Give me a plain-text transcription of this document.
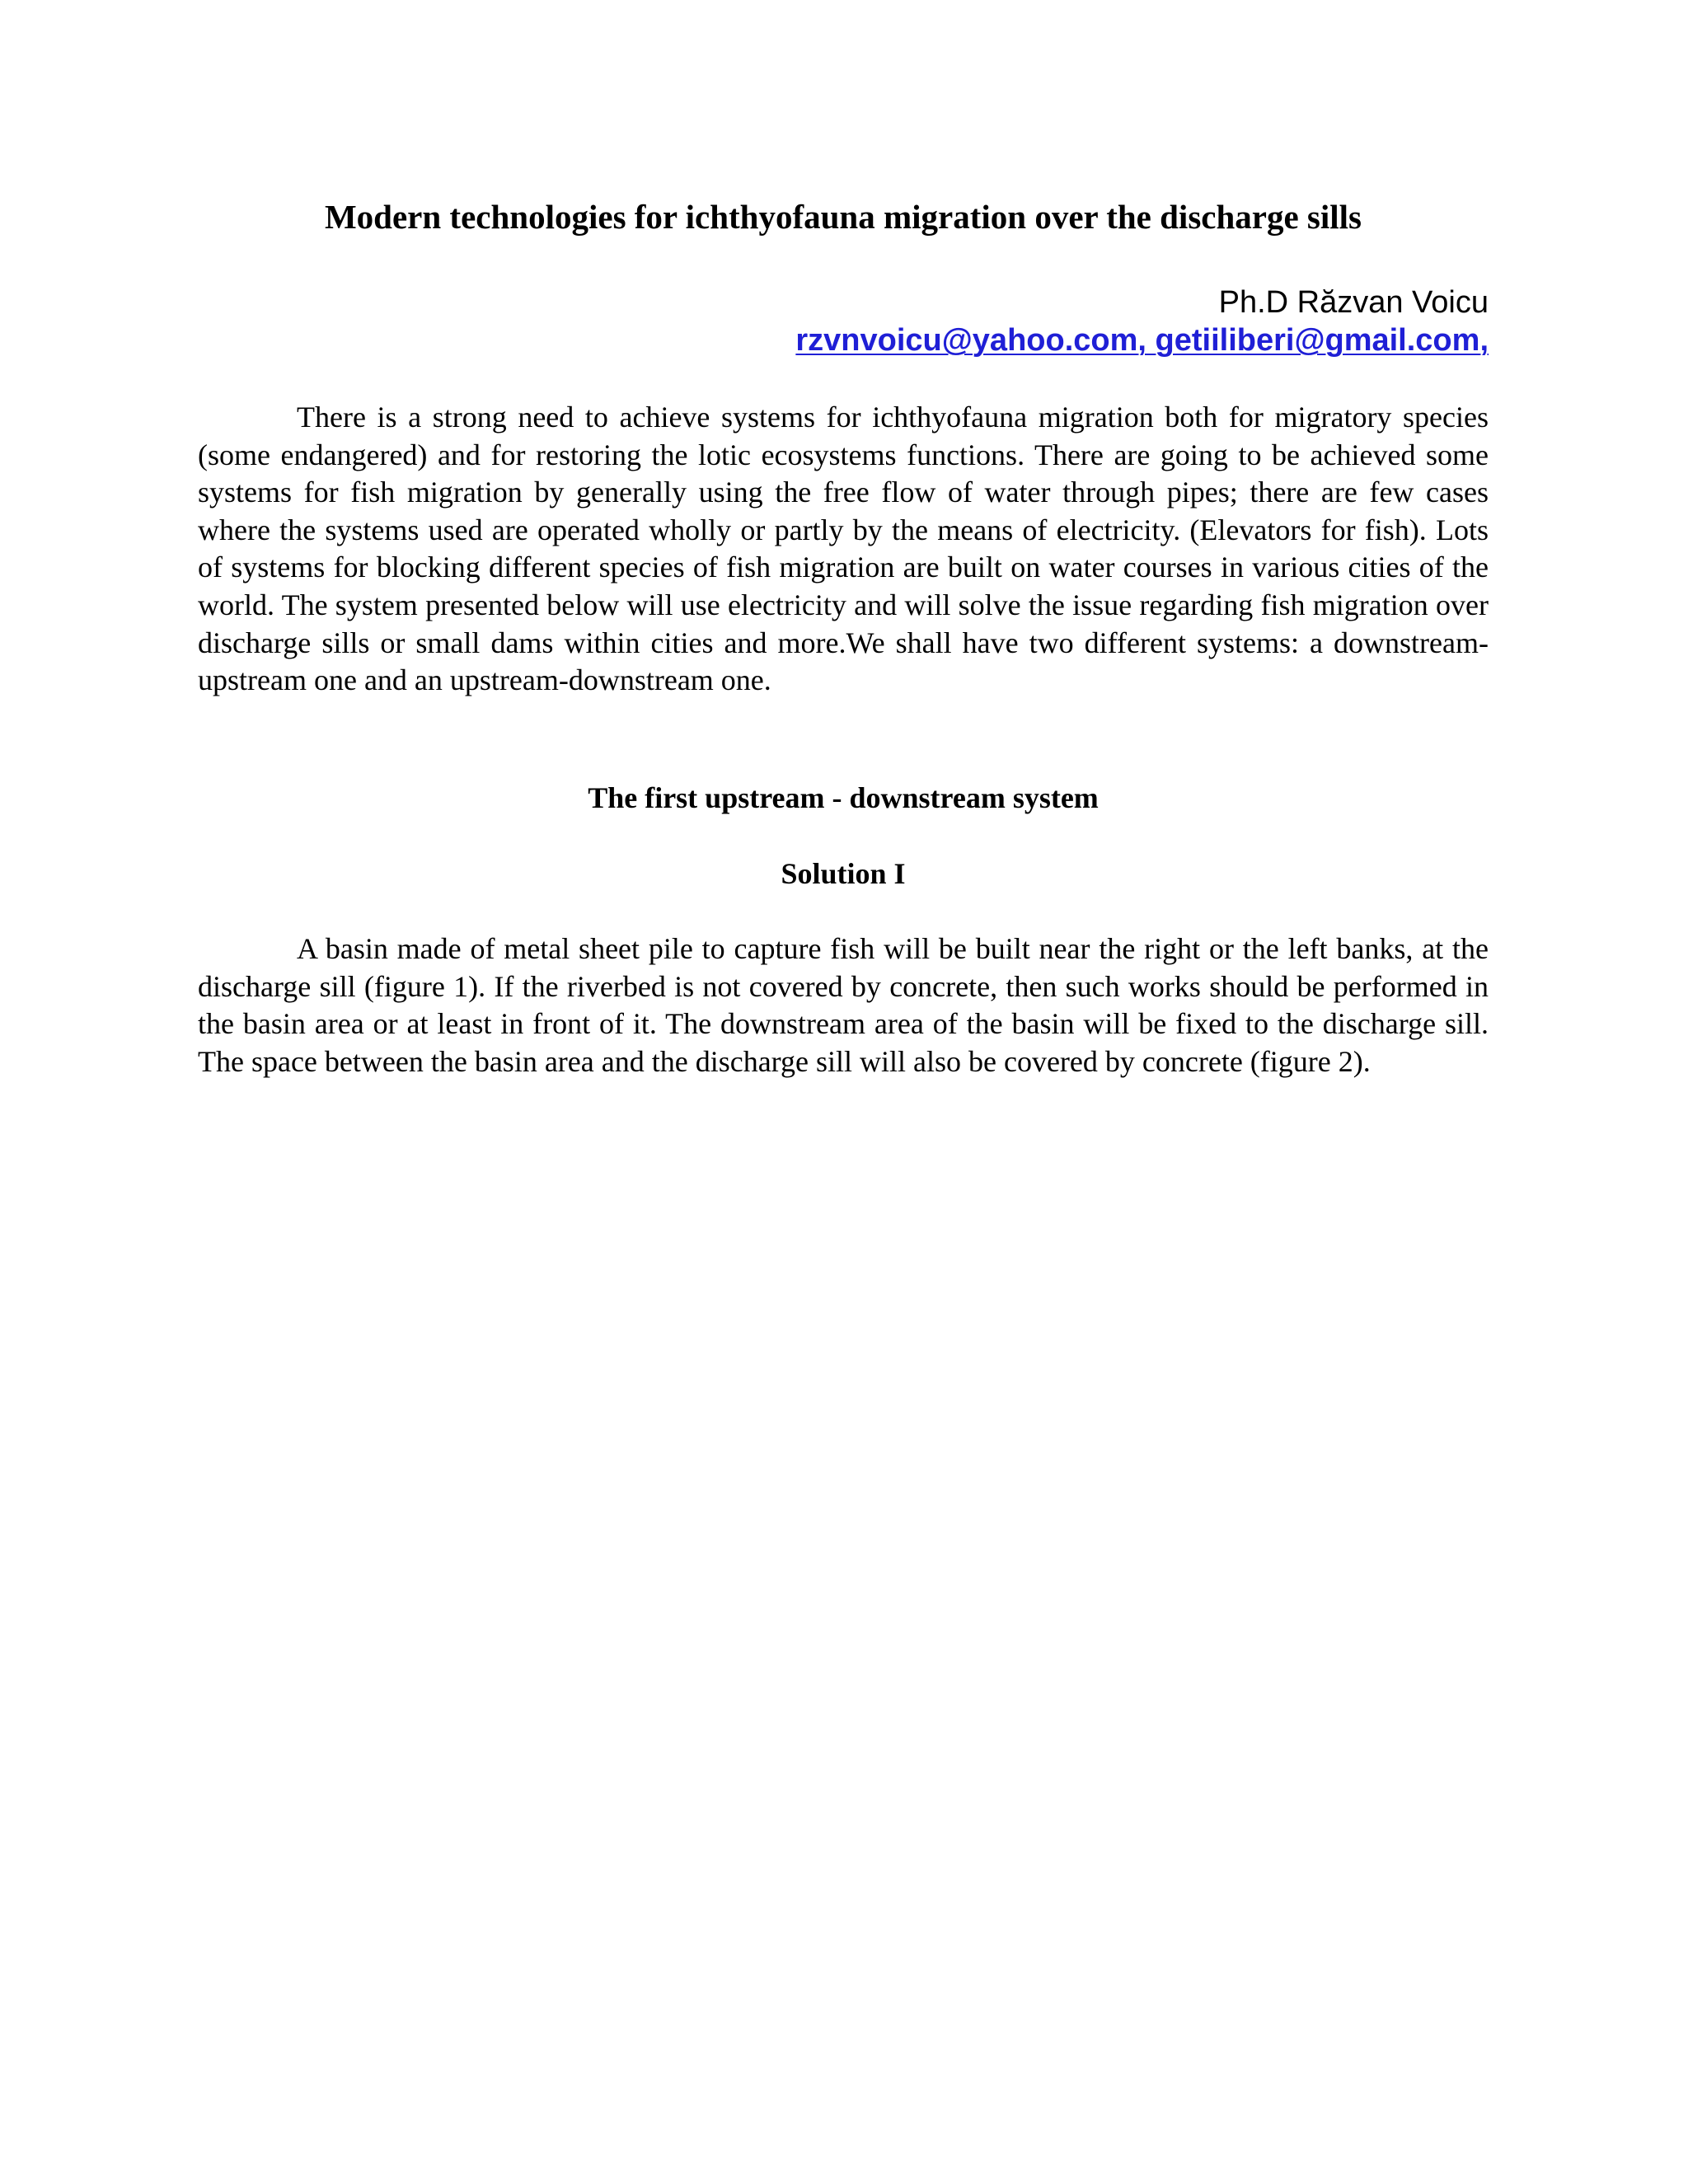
Modern technologies for ichthyofauna migration over the discharge sills
Ph.D Răzvan Voicu
rzvnvoicu@yahoo.com, getiiliberi@gmail.com,

There is a strong need to achieve systems for ichthyofauna migration both for migratory species (some endangered) and for restoring the lotic ecosystems functions. There are going to be achieved some systems for fish migration by generally using the free flow of water through pipes; there are few cases where the systems used are operated wholly or partly by the means of electricity. (Elevators for fish). Lots of systems for blocking different species of fish migration are built on water courses in various cities of the world. The system presented below will use electricity and will solve the issue regarding fish migration over discharge sills or small dams within cities and more.We shall have two different systems: a downstream-upstream one and an upstream-downstream one.

The first upstream - downstream system
Solution I

A basin made of metal sheet pile to capture fish will be built near the right or the left banks, at the discharge sill (figure 1). If the riverbed is not covered by concrete, then such works should be performed in the basin area or at least in front of it. The downstream area of the basin will be fixed to the discharge sill. The space between the basin area and the discharge sill will also be covered by concrete (figure 2).
